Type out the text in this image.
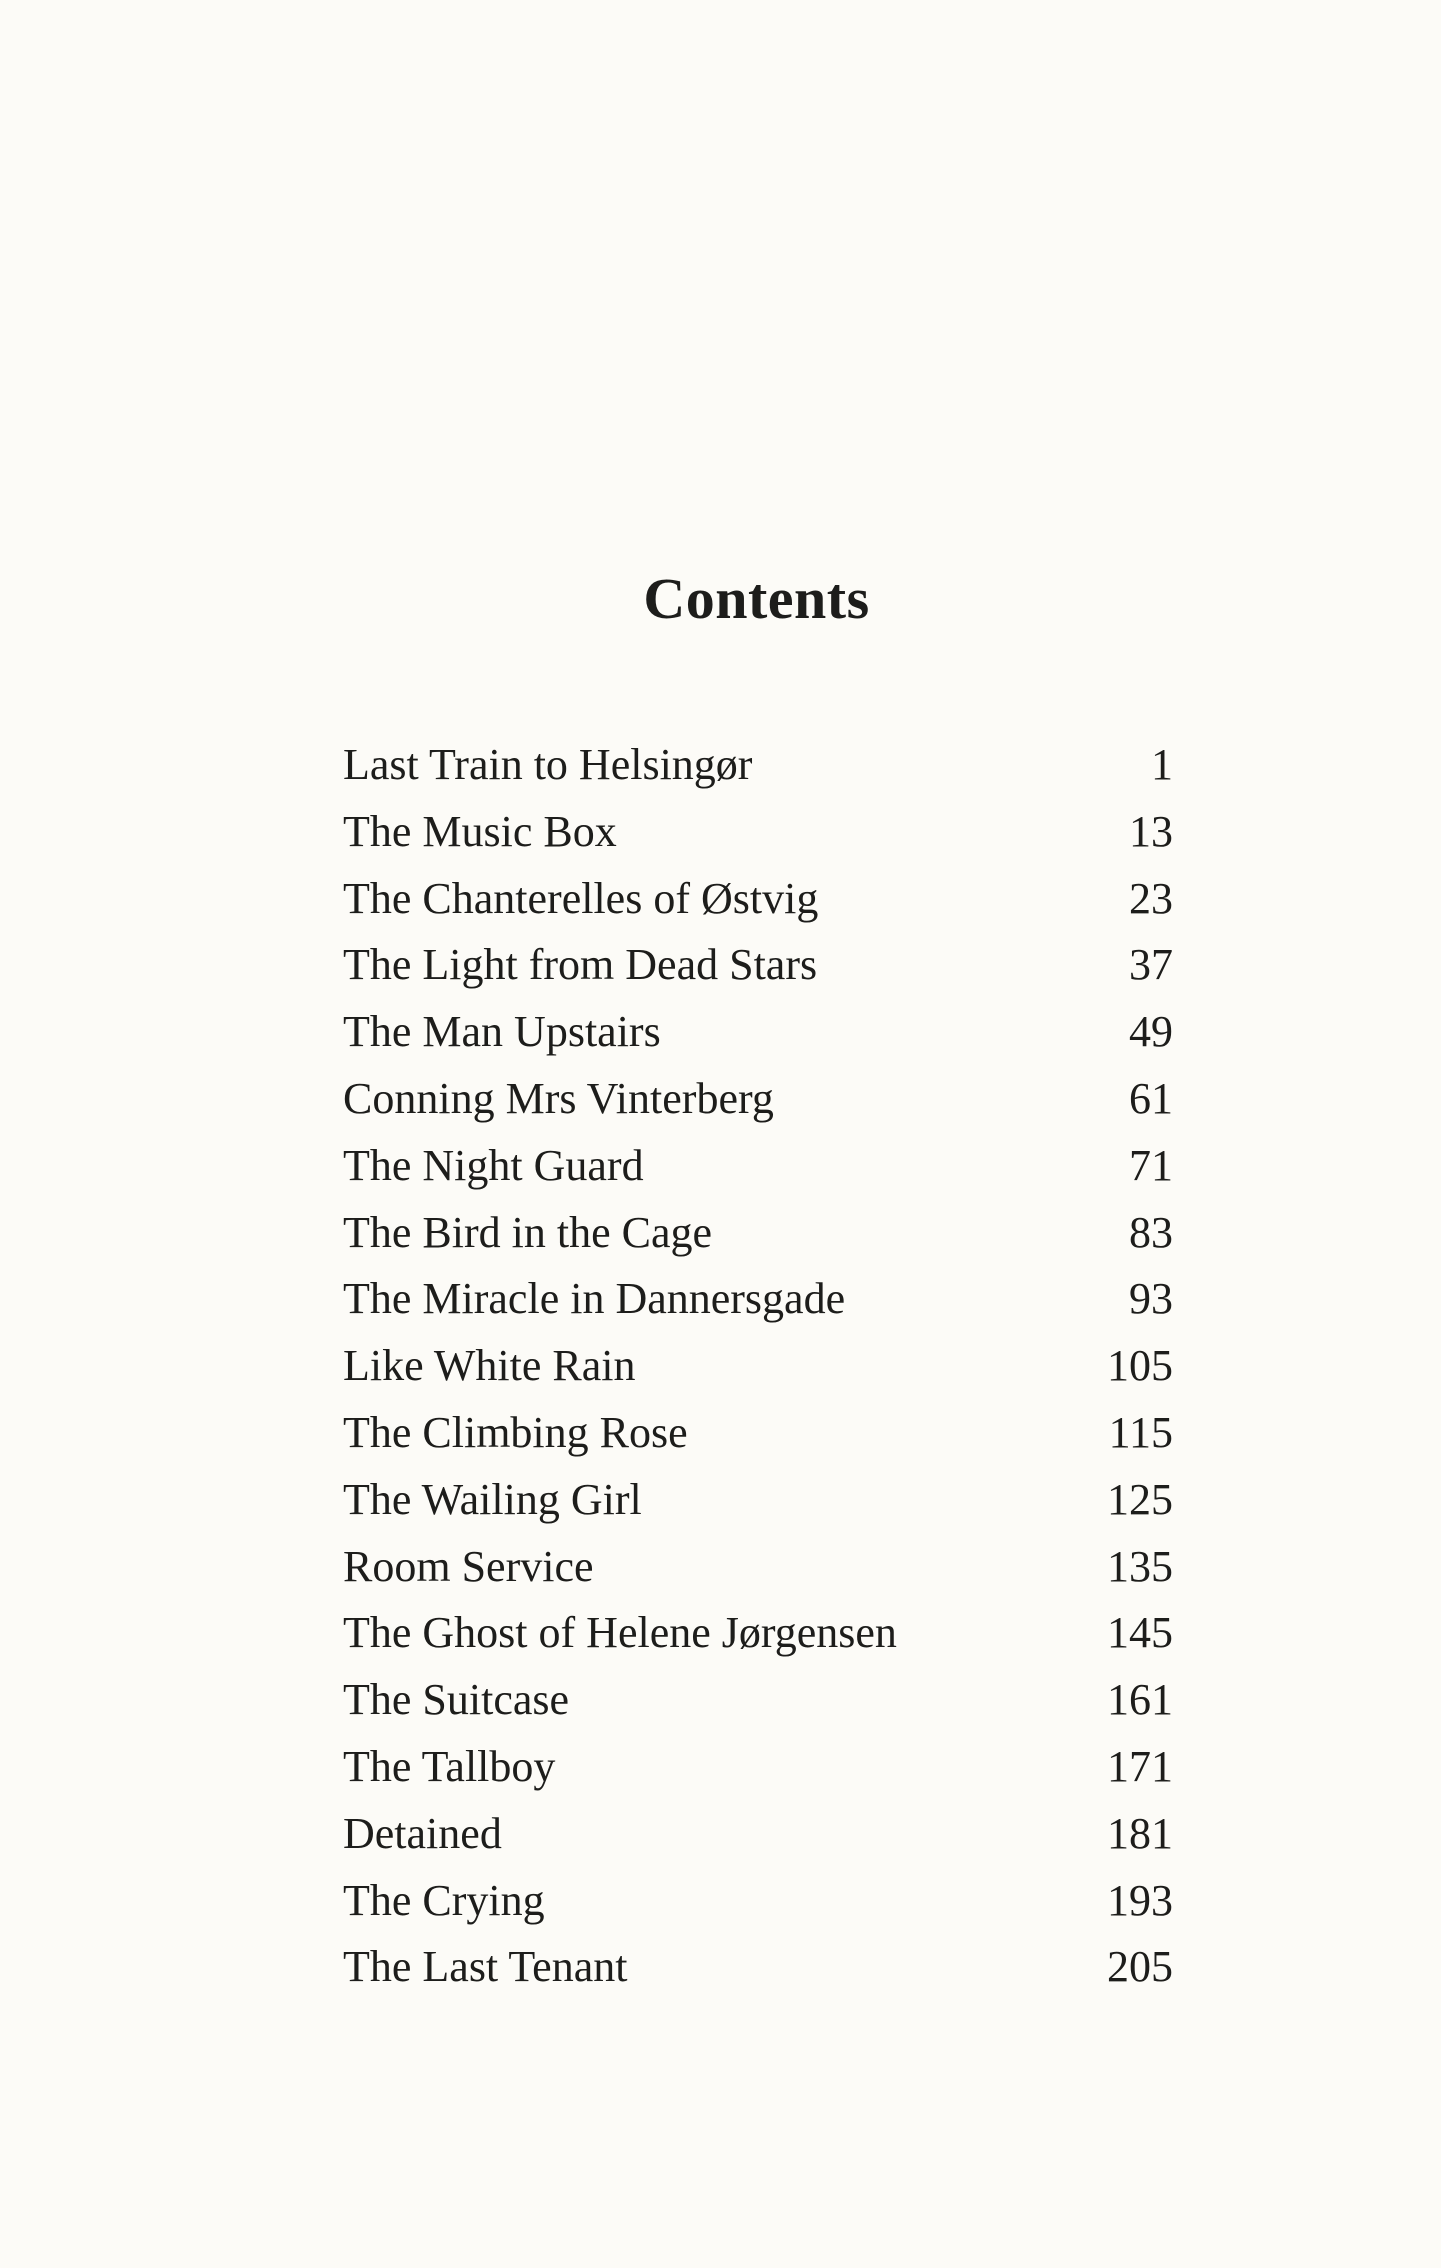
Contents
Last Train to Helsingør	1
The Music Box	13
The Chanterelles of Østvig	23
The Light from Dead Stars	37
The Man Upstairs	49
Conning Mrs Vinterberg	61
The Night Guard	71
The Bird in the Cage	83
The Miracle in Dannersgade	93
Like White Rain	105
The Climbing Rose	115
The Wailing Girl	125
Room Service	135
The Ghost of Helene Jørgensen	145
The Suitcase	161
The Tallboy	171
Detained	181
The Crying	193
The Last Tenant	205
